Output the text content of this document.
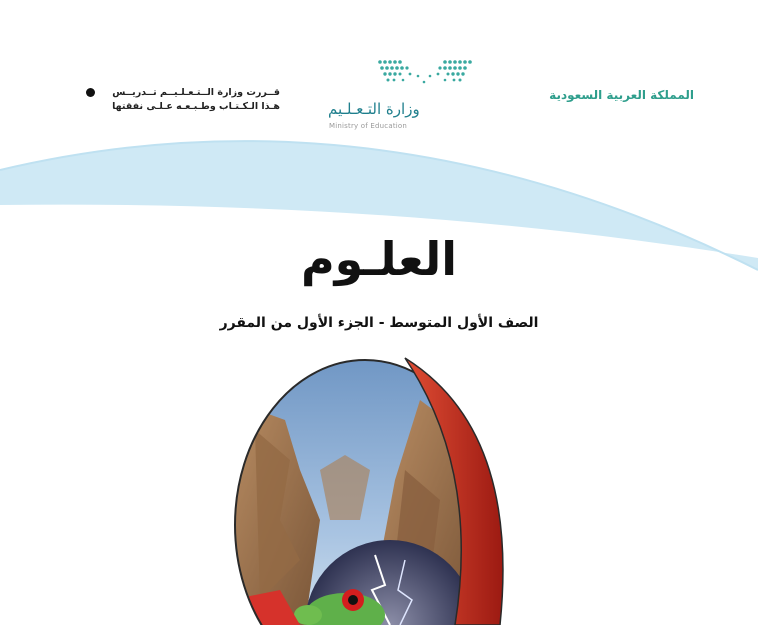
المملكة العربية السعودية
وزارة التـعـلـيم
Ministry of Education
قــررت وزارة الــتـعـلـيــم تــدريــس
هـذا الـكـتـاب وطـبـعـه عـلـى نفقتها
العلـوم
الصف الأول المتوسط - الجزء الأول من المقرر
